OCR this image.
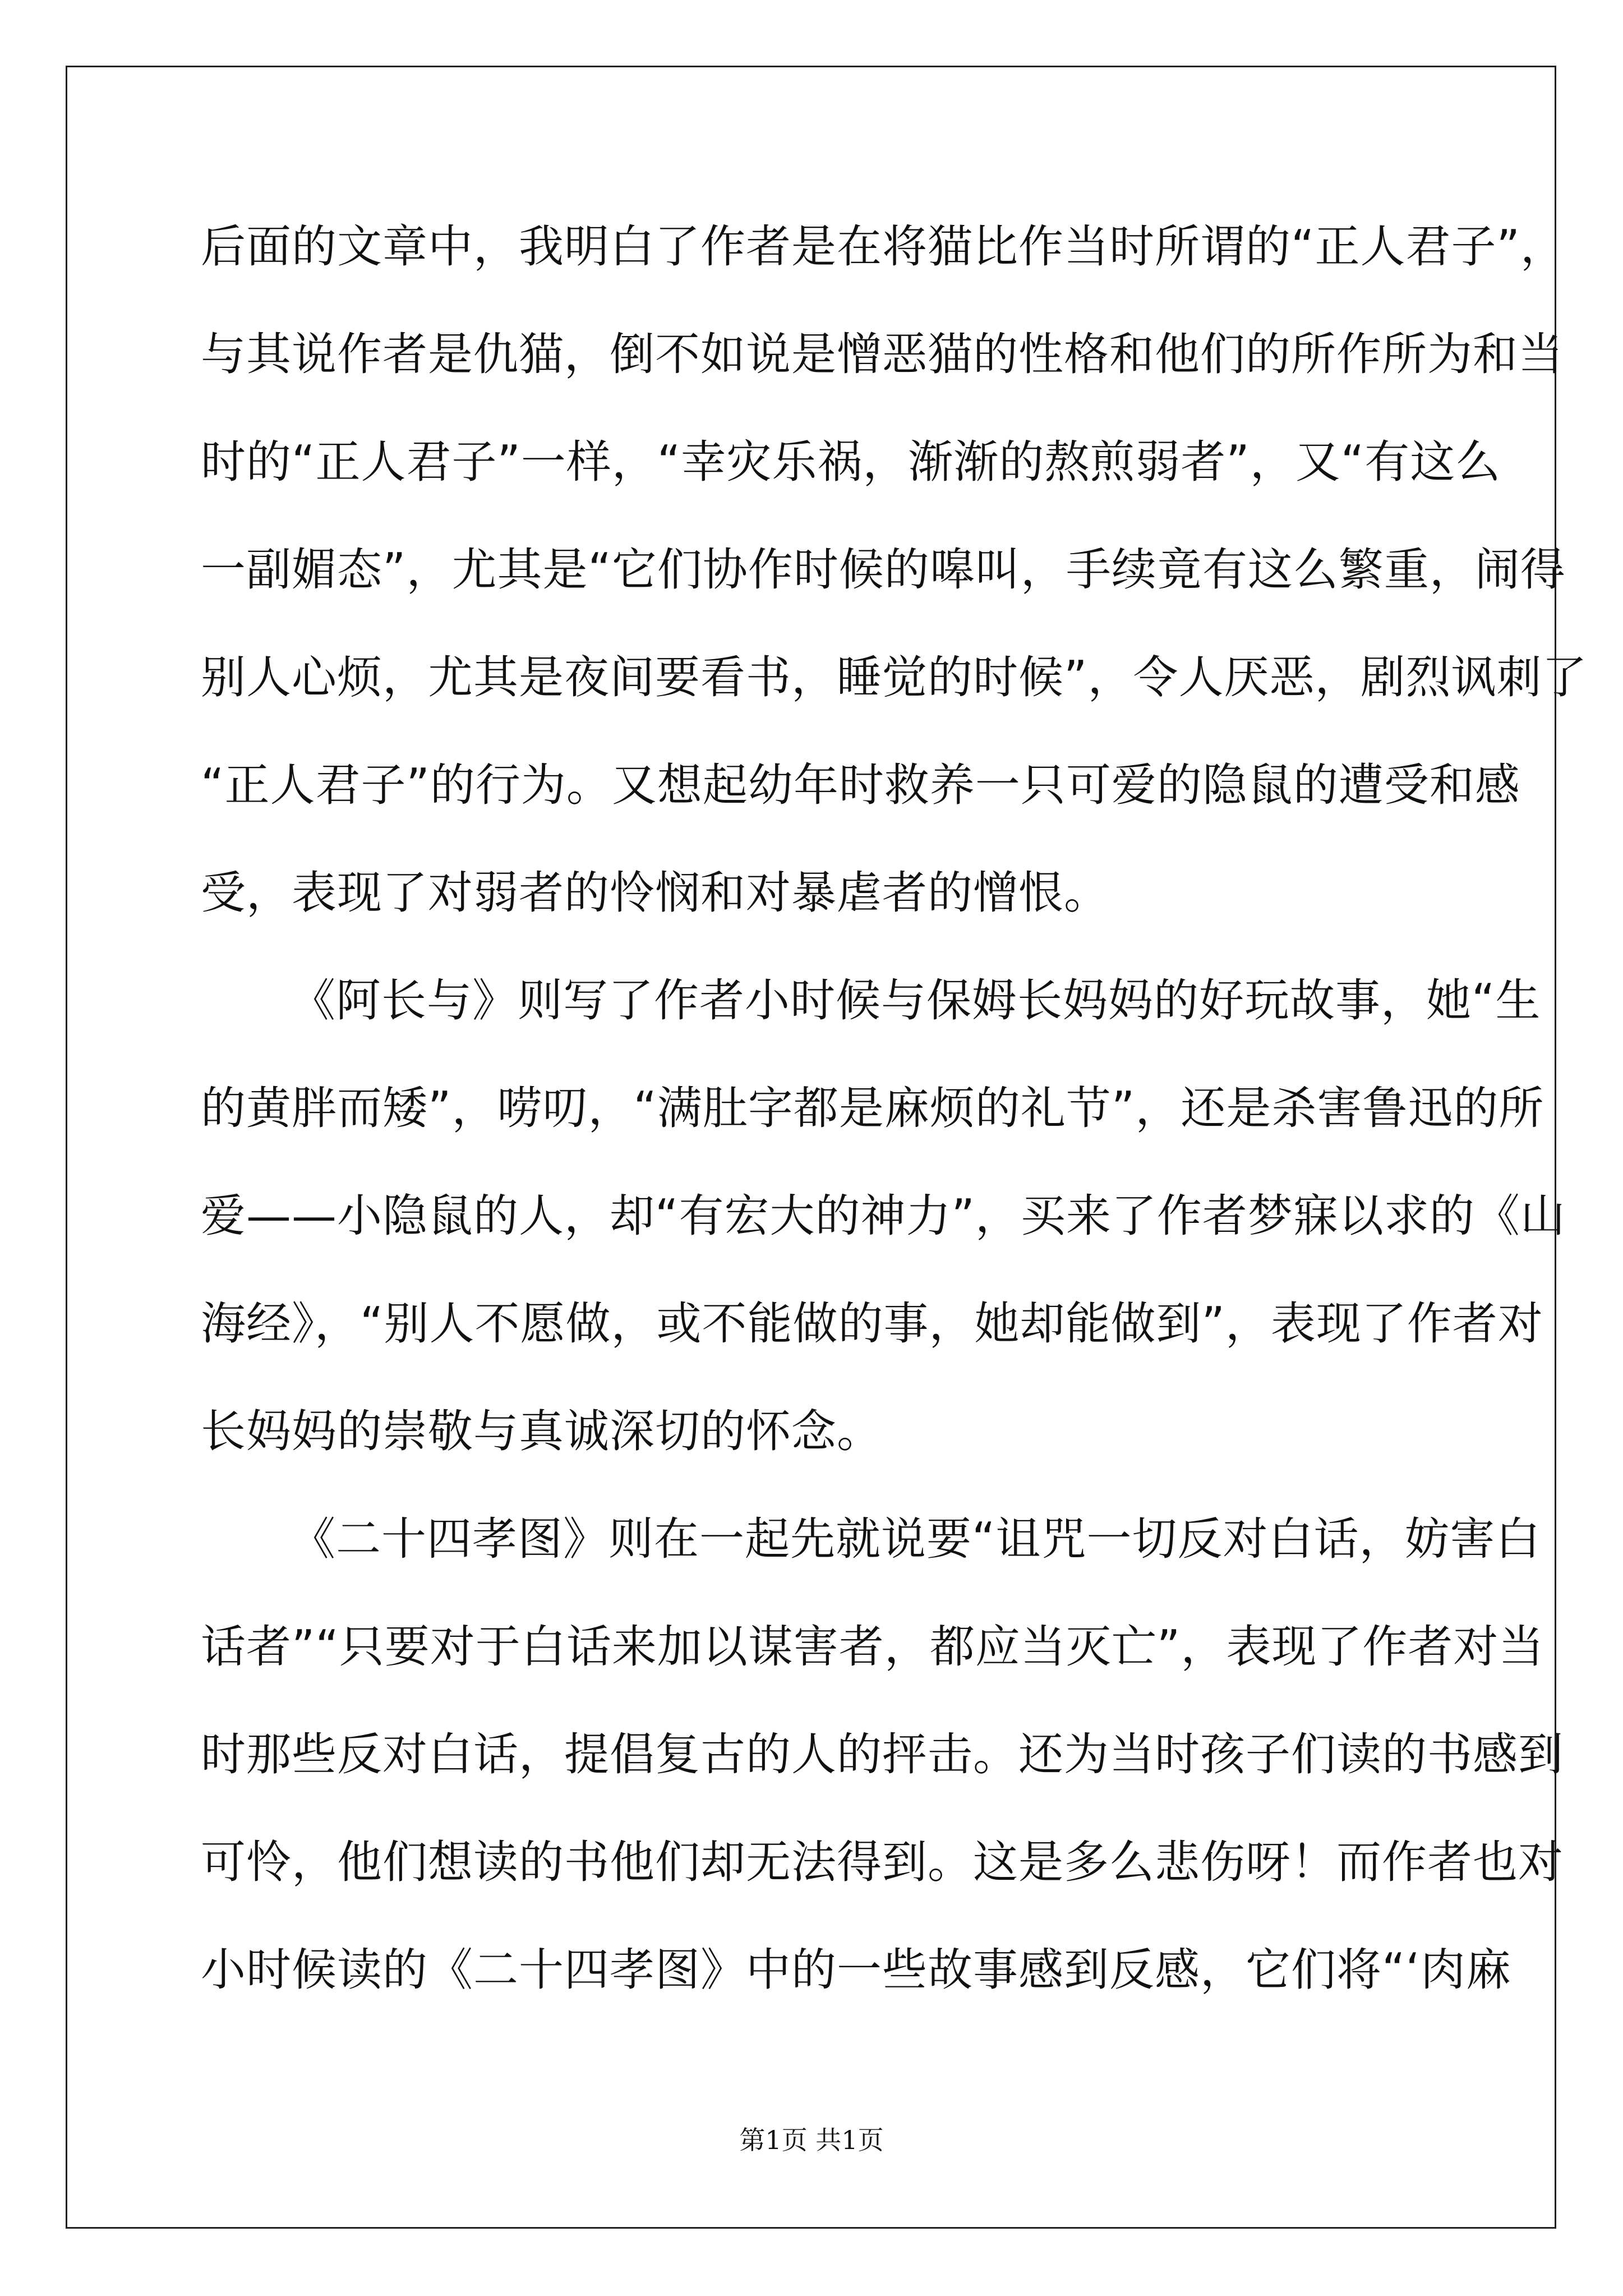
后面的文章中，我明白了作者是在将猫比作当时所谓的“正人君子”，
与其说作者是仇猫，倒不如说是憎恶猫的性格和他们的所作所为和当
时的“正人君子”一样，“幸灾乐祸，渐渐的熬煎弱者”，又“有这么
一副媚态”，尤其是“它们协作时候的嗥叫，手续竟有这么繁重，闹得
别人心烦，尤其是夜间要看书，睡觉的时候”，令人厌恶，剧烈讽刺了
“正人君子”的行为。又想起幼年时救养一只可爱的隐鼠的遭受和感
受，表现了对弱者的怜悯和对暴虐者的憎恨。
《阿长与》则写了作者小时候与保姆长妈妈的好玩故事，她“生
的黄胖而矮”，唠叨，“满肚字都是麻烦的礼节”，还是杀害鲁迅的所
爱——小隐鼠的人，却“有宏大的神力”，买来了作者梦寐以求的《山
海经》，“别人不愿做，或不能做的事，她却能做到”，表现了作者对
长妈妈的崇敬与真诚深切的怀念。
《二十四孝图》则在一起先就说要“诅咒一切反对白话，妨害白
话者”“只要对于白话来加以谋害者，都应当灭亡”，表现了作者对当
时那些反对白话，提倡复古的人的抨击。还为当时孩子们读的书感到
可怜，他们想读的书他们却无法得到。这是多么悲伤呀！而作者也对
小时候读的《二十四孝图》中的一些故事感到反感，它们将“‘肉麻
第1页 共1页
